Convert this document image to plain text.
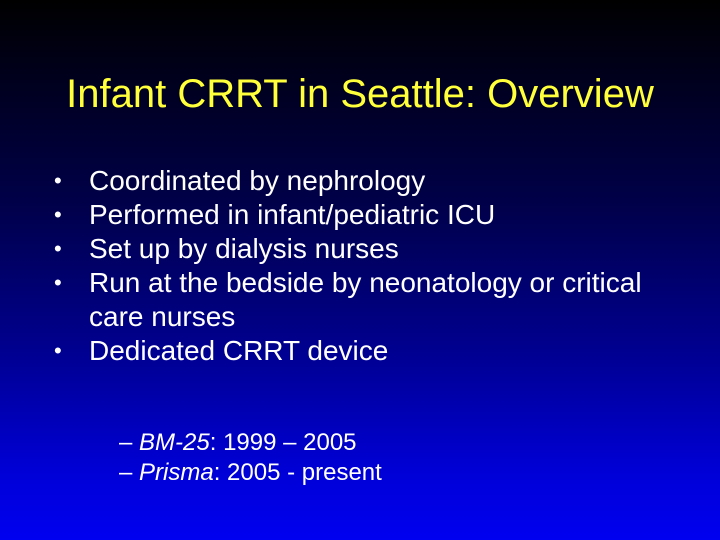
Infant CRRT in Seattle: Overview
• Coordinated by nephrology
• Performed in infant/pediatric ICU
• Set up by dialysis nurses
• Run at the bedside by neonatology or critical care nurses
• Dedicated CRRT device
– BM-25: 1999 – 2005
– Prisma: 2005 - present
